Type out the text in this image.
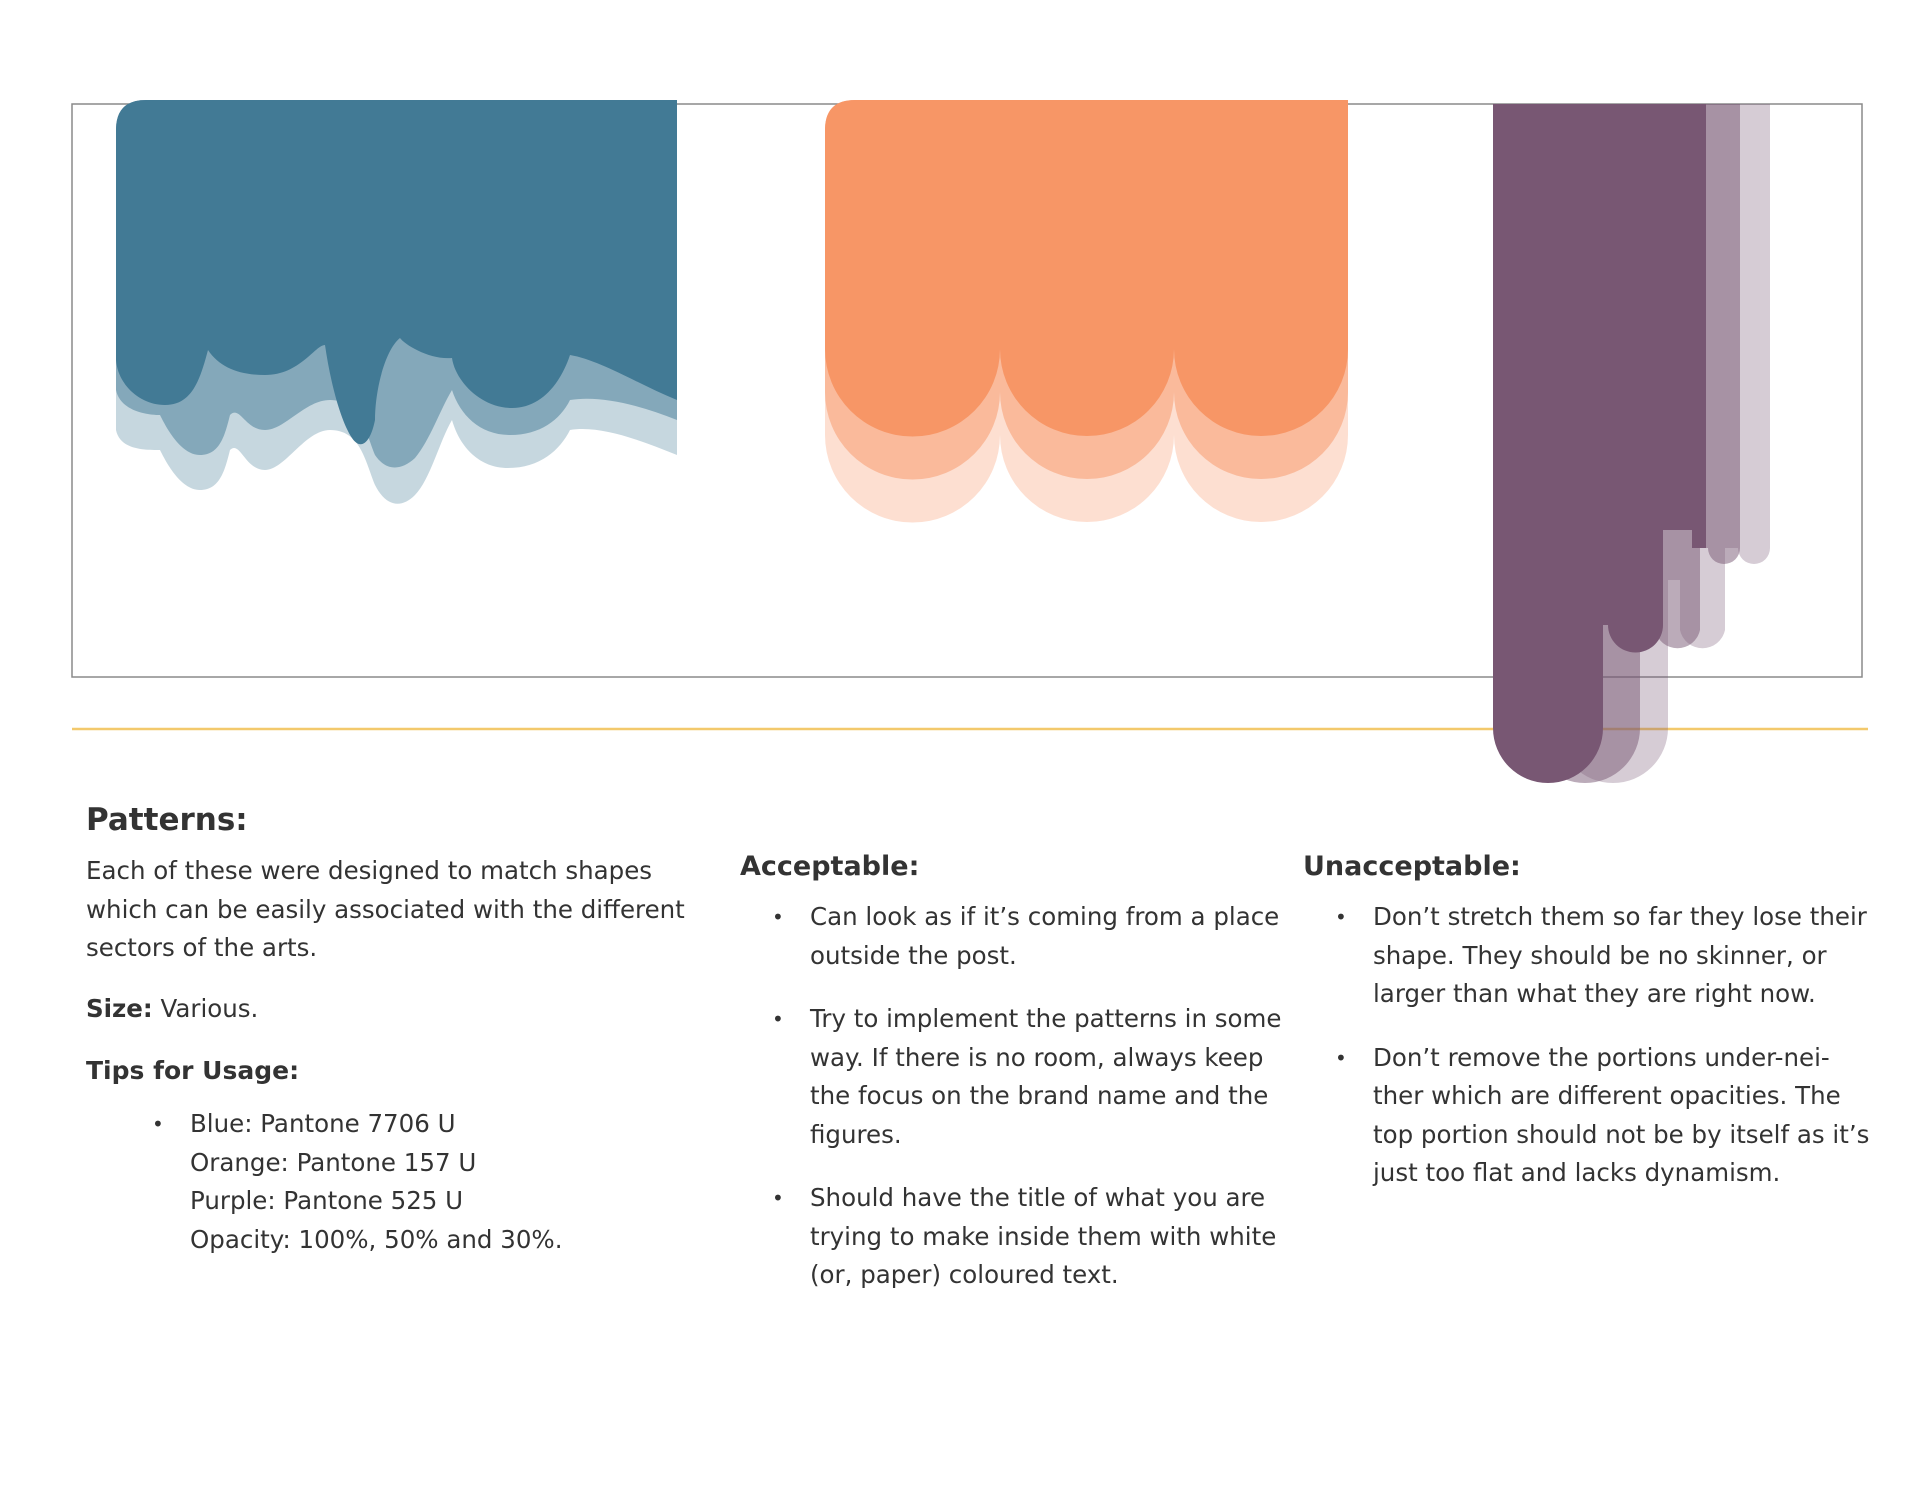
Patterns:

Each of these were designed to match shapes which can be easily associated with the different sectors of the arts.

Size: Various.

Tips for Usage:
• Blue: Pantone 7706 U
Orange: Pantone 157 U
Purple: Pantone 525 U
Opacity: 100%, 50% and 30%.
Acceptable:
• Can look as if it’s coming from a place outside the post.
• Try to implement the patterns in some way. If there is no room, always keep the focus on the brand name and the figures.
• Should have the title of what you are trying to make inside them with white (or, paper) coloured text.
Unacceptable:
• Don’t stretch them so far they lose their shape. They should be no skinner, or larger than what they are right now.
• Don’t remove the portions under-nei-ther which are different opacities. The top portion should not be by itself as it’s just too flat and lacks dynamism.
